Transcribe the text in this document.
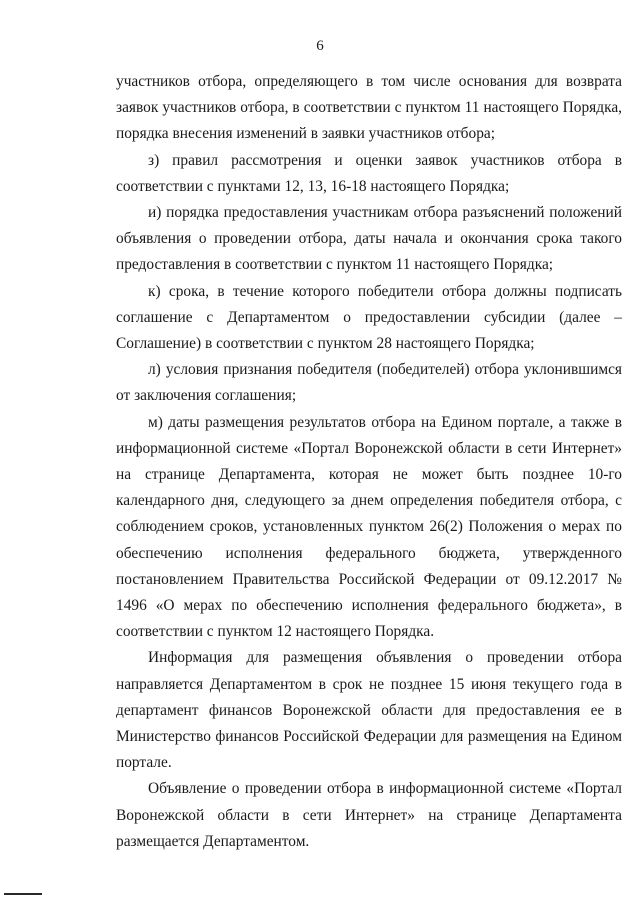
6

участников отбора, определяющего в том числе основания для возврата заявок участников отбора, в соответствии с пунктом 11 настоящего Порядка, порядка внесения изменений в заявки участников отбора;

з) правил рассмотрения и оценки заявок участников отбора в соответствии с пунктами 12, 13, 16-18 настоящего Порядка;

и) порядка предоставления участникам отбора разъяснений положений объявления о проведении отбора, даты начала и окончания срока такого предоставления в соответствии с пунктом 11 настоящего Порядка;

к) срока, в течение которого победители отбора должны подписать соглашение с Департаментом о предоставлении субсидии (далее – Соглашение) в соответствии с пунктом 28 настоящего Порядка;

л) условия признания победителя (победителей) отбора уклонившимся от заключения соглашения;

м) даты размещения результатов отбора на Едином портале, а также в информационной системе «Портал Воронежской области в сети Интернет» на странице Департамента, которая не может быть позднее 10-го календарного дня, следующего за днем определения победителя отбора, с соблюдением сроков, установленных пунктом 26(2) Положения о мерах по обеспечению исполнения федерального бюджета, утвержденного постановлением Правительства Российской Федерации от 09.12.2017 № 1496 «О мерах по обеспечению исполнения федерального бюджета», в соответствии с пунктом 12 настоящего Порядка.

Информация для размещения объявления о проведении отбора направляется Департаментом в срок не позднее 15 июня текущего года в департамент финансов Воронежской области для предоставления ее в Министерство финансов Российской Федерации для размещения на Едином портале.

Объявление о проведении отбора в информационной системе «Портал Воронежской области в сети Интернет» на странице Департамента размещается Департаментом.
